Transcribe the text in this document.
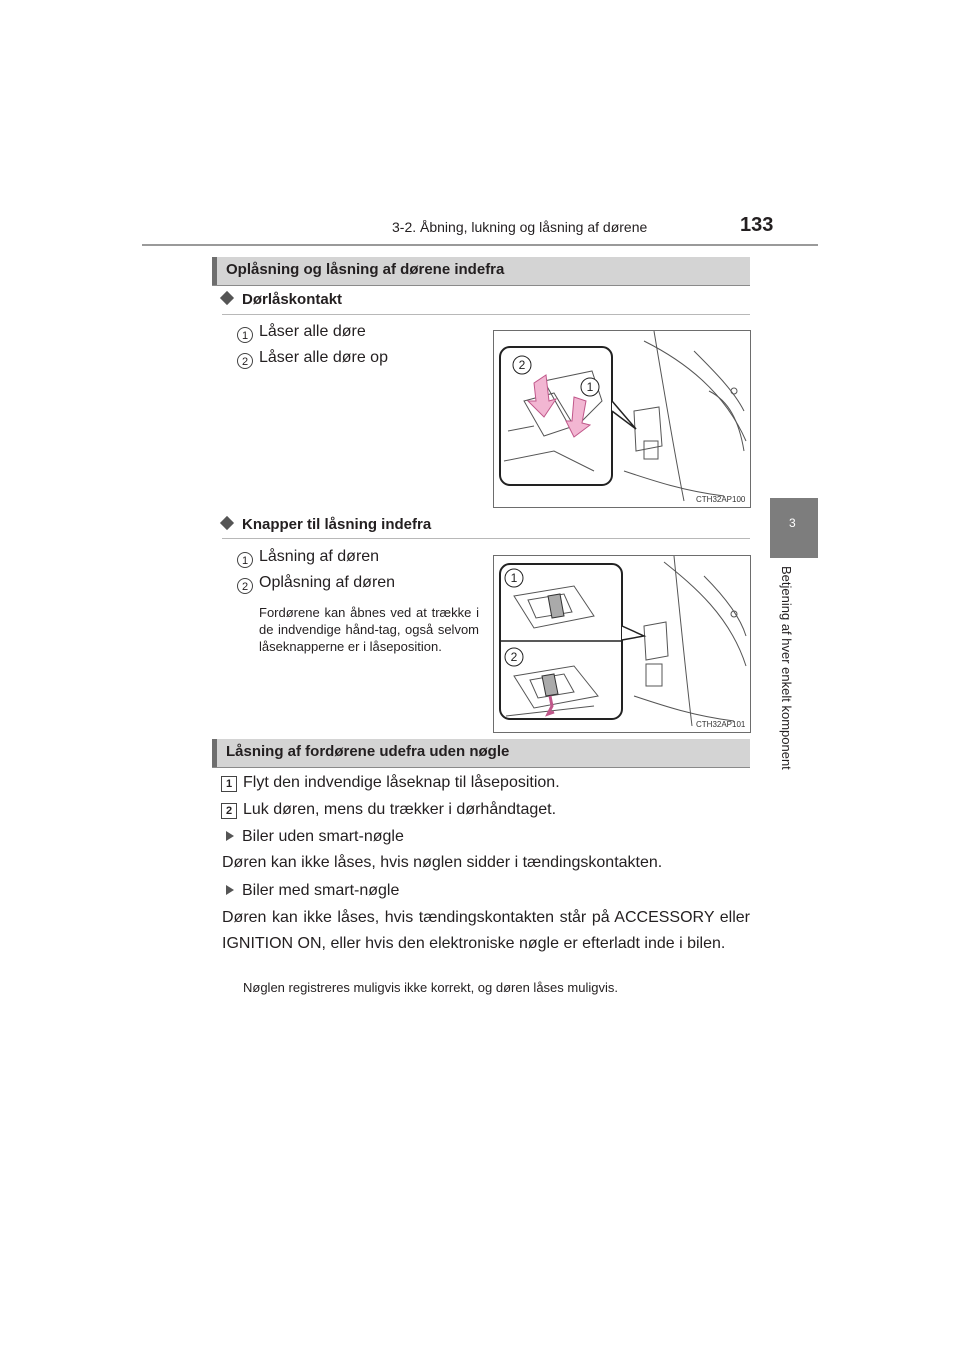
3-2. Åbning, lukning og låsning af dørene	133
3
Betjening af hver enkelt komponent
Oplåsning og låsning af dørene indefra
Dørlåskontakt
1 Låser alle døre
2 Låser alle døre op	2
1
CTH32AP100
Knapper til låsning indefra
1 Låsning af døren
2 Oplåsning af døren
Fordørene kan åbnes ved at trække i de indvendige hånd-tag, også selvom låseknapperne er i låseposition.
1
2
CTH32AP101
Låsning af fordørene udefra uden nøgle
1 Flyt den indvendige låseknap til låseposition.
2 Luk døren, mens du trækker i dørhåndtaget.
Biler uden smart-nøgle
Døren kan ikke låses, hvis nøglen sidder i tændingskontakten.
Biler med smart-nøgle
Døren kan ikke låses, hvis tændingskontakten står på ACCESSORY eller IGNITION ON, eller hvis den elektroniske nøgle er efterladt inde i bilen.
Nøglen registreres muligvis ikke korrekt, og døren låses muligvis.
